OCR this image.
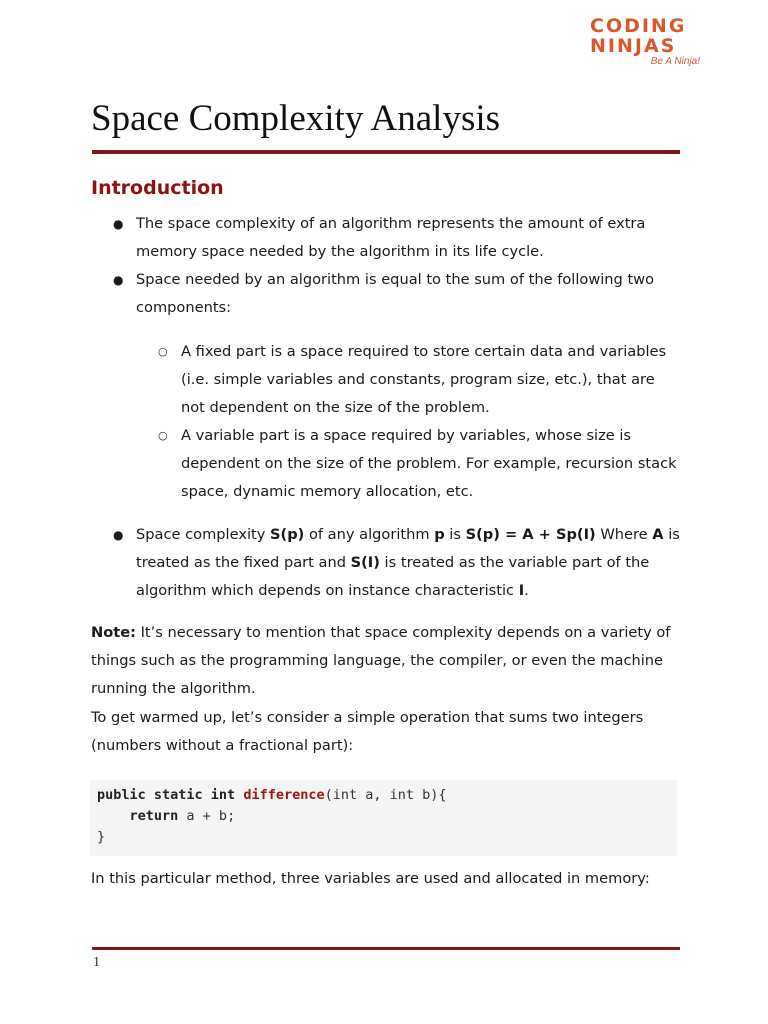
CODING
NINJAS
Be A Ninja!
Space Complexity Analysis
Introduction
● The space complexity of an algorithm represents the amount of extra memory space needed by the algorithm in its life cycle.
● Space needed by an algorithm is equal to the sum of the following two components:
○ A fixed part is a space required to store certain data and variables (i.e. simple variables and constants, program size, etc.), that are not dependent on the size of the problem.
○ A variable part is a space required by variables, whose size is dependent on the size of the problem. For example, recursion stack space, dynamic memory allocation, etc.
● Space complexity S(p) of any algorithm p is S(p) = A + Sp(I) Where A is treated as the fixed part and S(I) is treated as the variable part of the algorithm which depends on instance characteristic I.
Note: It’s necessary to mention that space complexity depends on a variety of things such as the programming language, the compiler, or even the machine running the algorithm.
To get warmed up, let’s consider a simple operation that sums two integers (numbers without a fractional part):
public static int difference(int a, int b){
return a + b;
}
In this particular method, three variables are used and allocated in memory:
1
